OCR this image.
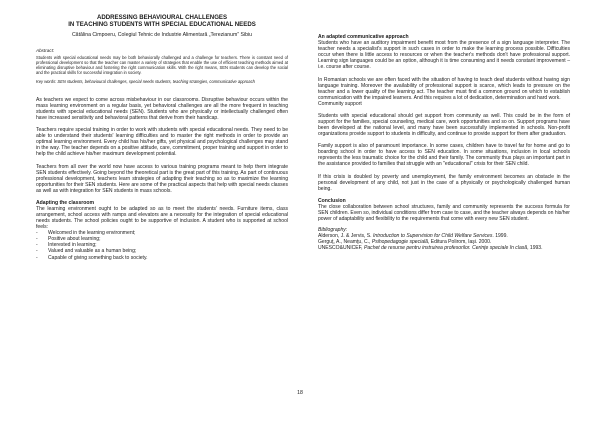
ADDRESSING BEHAVIOURAL CHALLENGES

IN TEACHING STUDENTS WITH SPECIAL EDUCATIONAL NEEDS

Cătălina Cimpoeru, Colegiul Tehnic de Industrie Alimentară „Terezianum” Sibiu
Abstract:
Students with special educational needs may be both behaviorally challenged and a challenge for teachers. There is constant need of professional development so that the teacher can master a variety of strategies that enable the use of efficient teaching methods aimed at eliminating disruptive behaviour and fostering the right communication skills. With the right means, SEN students can develop the social and the practical skills for successful integration in society.
Key words: SEN students, behavioural challenges, special needs students, teaching strategies, communicative approach

As teachers we expect to come across misbehaviour in our classrooms. Disruptive behaviour occurs within the mass learning environment on a regular basis, yet behavioral challenges are all the more frequent in teaching students with special educational needs (SEN). Students who are physically or intellectually challenged often have increased sensitivity and behavioral patterns that derive from their handicap.

Teachers require special training in order to work with students with special educational needs. They need to be able to understand their students' learning difficulties and to master the right methods in order to provide an optimal learning environment. Every child has his/her gifts, yet physical and psychological challenges may stand in the way. The teacher depends on a positive attitude, care, commitment, proper training and support in order to help the child achieve his/her maximum development potential.

Teachers from all over the world now have access to various training programs meant to help them integrate SEN students effectively. Going beyond the theoretical part is the great part of this training. As part of continuous professional development, teachers learn strategies of adapting their teaching so as to maximize the learning opportunities for their SEN students. Here are some of the practical aspects that help with special needs classes as well as with integration for SEN students in mass schools.

Adapting the classroom

The learning environment ought to be adapted so as to meet the students' needs. Furniture items, class arrangement, school access with ramps and elevators are a necessity for the integration of special educational needs students. The school policies ought to be supportive of inclusion. A student who is supported at school feels:

- Welcomed in the learning environment;
- Positive about learning;
- Interested in learning;
- Valued and valuable as a human being;
- Capable of giving something back to society.

An adapted communicative approach

Students who have an auditory impairment benefit most from the presence of a sign language interpreter. The teacher needs a specialist's support in such cases in order to make the learning process possible. Difficulties occur when there is little access to resources or when the teacher's methods don't have professional support. Learning sign languages could be an option, although it is time consuming and it needs constant improvement – i.e. course after course.

In Romanian schools we are often faced with the situation of having to teach deaf students without having sign language training. Moreover the availability of professional support is scarce, which leads to pressure on the teacher and a lower quality of the learning act. The teacher must find a common ground on which to establish communication with the impaired learners. And this requires a lot of dedication, determination and hard work.

Community support

Students with special educational should get support from community as well. This could be in the form of support for the families, special counseling, medical care, work opportunities and so on. Support programs have been developed at the national level, and many have been successfully implemented in schools. Non-profit organizations provide support to students in difficulty, and continue to provide support for them after graduation.

Family support is also of paramount importance. In some cases, children have to travel far for home and go to boarding school in order to have access to SEN education. In some situations, inclusion in local schools represents the less traumatic choice for the child and their family. The community thus plays an important part in the assistance provided to families that struggle with an "educational" crisis for their SEN child.

If this crisis is doubled by poverty and unemployment, the family environment becomes an obstacle in the personal development of any child, not just in the case of a physically or psychologically challenged human being.

Conclusion

The close collaboration between school structures, family and community represents the success formula for SEN children. Even so, individual conditions differ from case to case, and the teacher always depends on his/her power of adaptability and flexibility to the requirements that come with every new SEN student.

Bibliography:

Alderson, J. & Jervis, S. Introduction to Supervision for Child Welfare Services. 1999.

Gerguţ, A., Neamţu, C., Psihopedagogie specială, Editura Polirom, Iaşi. 2000.

UNESCO&UNICEF, Pachet de resurse pentru instruirea profesorilor. Cerinţe speciale în clasă, 1993.

18
